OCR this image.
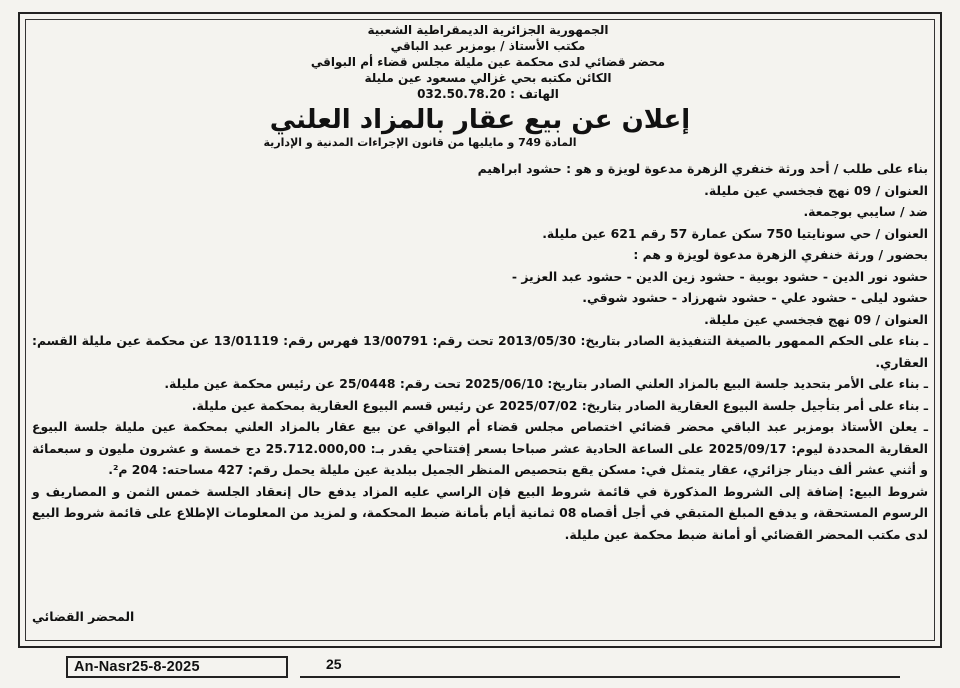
الجمهورية الجزائرية الديمقراطية الشعبية
مكتب الأستاذ / بومزبر عبد الباقي
محضر قضائي لدى محكمة عين مليلة مجلس قضاء أم البواقي
الكائن مكتبه بحي غزالي مسعود عين مليلة
الهاتف : 032.50.78.20
إعلان عن بيع عقار بالمزاد العلني
المادة 749 و مايليها من قانون الإجراءات المدنية و الإدارية
بناء على طلب / أحد ورثة خنفري الزهرة مدعوة لويزة و هو : حشود ابراهيم
العنوان / 09 نهج فجخسي عين مليلة.
ضد / سايبي بوجمعة.
العنوان / حي سونايتيا 750 سكن عمارة 57 رقم 621 عين مليلة.
بحضور / ورثة خنفري الزهرة مدعوة لويزة و هم :
حشود نور الدين - حشود بوبية - حشود زين الدين - حشود عبد العزيز -
حشود ليلى - حشود علي - حشود شهرزاد - حشود شوقي.
العنوان / 09 نهج فجخسي عين مليلة.
ـ بناء على الحكم الممهور بالصيغة التنفيذية الصادر بتاريخ: 2013/05/30 تحت رقم: 13/00791 فهرس رقم: 13/01119 عن محكمة عين مليلة القسم: العقاري.
ـ بناء على الأمر بتحديد جلسة البيع بالمزاد العلني الصادر بتاريخ: 2025/06/10 تحت رقم: 25/0448 عن رئيس محكمة عين مليلة.
ـ بناء على أمر بتأجيل جلسة البيوع العقارية الصادر بتاريخ: 2025/07/02 عن رئيس قسم البيوع العقارية بمحكمة عين مليلة.
ـ يعلن الأستاذ بومزبر عبد الباقي محضر قضائي اختصاص مجلس قضاء أم البواقي عن بيع عقار بالمزاد العلني بمحكمة عين مليلة جلسة البيوع العقارية المحددة ليوم: 2025/09/17 على الساعة الحادية عشر صباحا بسعر إفتتاحي يقدر بـ: 25.712.000,00 دج خمسة و عشرون مليون و سبعمائة و أثني عشر ألف دينار جزائري، عقار يتمثل في: مسكن يقع بتحصيص المنظر الجميل ببلدية عين مليلة يحمل رقم: 427 مساحته: 204 م².
شروط البيع: إضافة إلى الشروط المذكورة في قائمة شروط البيع فإن الراسي عليه المزاد يدفع حال إنعقاد الجلسة خمس الثمن و المصاريف و الرسوم المستحقة، و يدفع المبلغ المتبقي في أجل أقصاه 08 ثمانية أيام بأمانة ضبط المحكمة، و لمزيد من المعلومات الإطلاع على قائمة شروط البيع لدى مكتب المحضر القضائي أو أمانة ضبط محكمة عين مليلة.
المحضر القضائي
An-Nasr25-8-2025	25
